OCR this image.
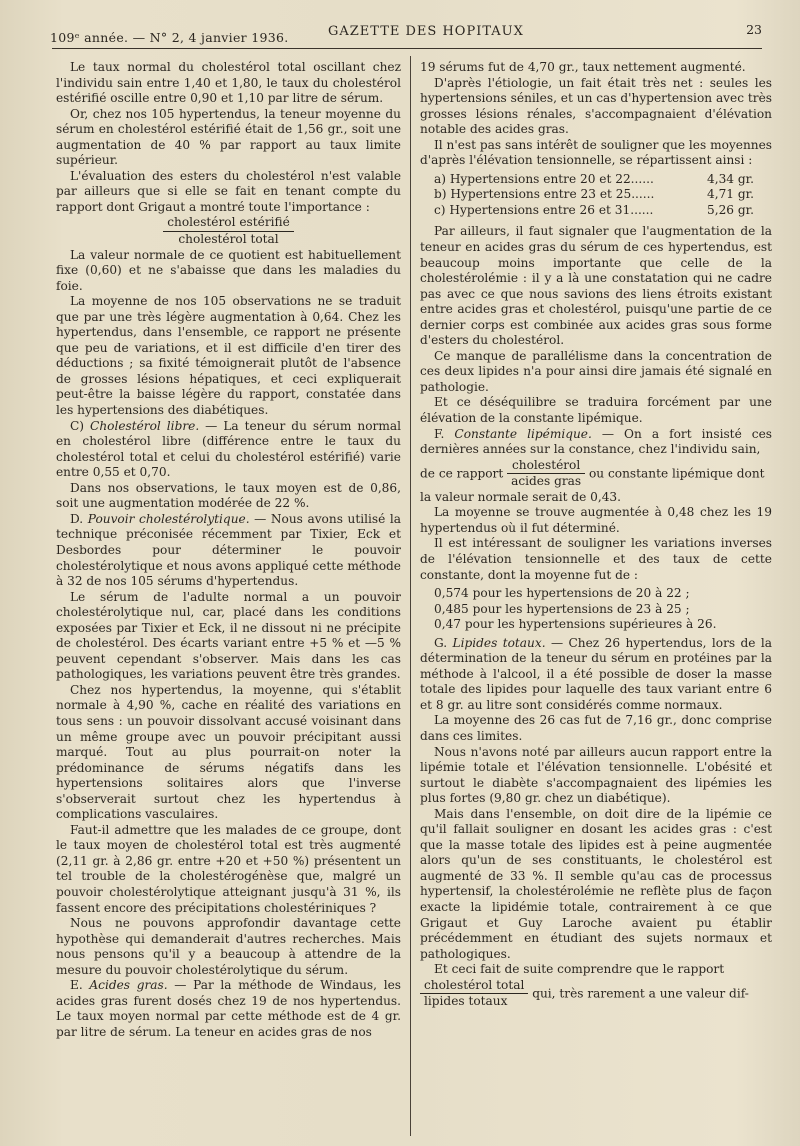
109ᵉ année. — N° 2, 4 janvier 1936.	GAZETTE DES HOPITAUX	23

Le taux normal du cholestérol total oscillant chez l'individu sain entre 1,40 et 1,80, le taux du cholestérol estérifié oscille entre 0,90 et 1,10 par litre de sérum.

Or, chez nos 105 hypertendus, la teneur moyenne du sérum en cholestérol estérifié était de 1,56 gr., soit une augmentation de 40 % par rapport au taux limite supérieur.

L'évaluation des esters du cholestérol n'est valable par ailleurs que si elle se fait en tenant compte du rapport dont Grigaut a montré toute l'importance :

$\frac{\text{cholestérol estérifié}}{\text{cholestérol total}}$

La valeur normale de ce quotient est habituellement fixe (0,60) et ne s'abaisse que dans les maladies du foie.

La moyenne de nos 105 observations ne se traduit que par une très légère augmentation à 0,64. Chez les hypertendus, dans l'ensemble, ce rapport ne présente que peu de variations, et il est difficile d'en tirer des déductions ; sa fixité témoignerait plutôt de l'absence de grosses lésions hépatiques, et ceci expliquerait peut-être la baisse légère du rapport, constatée dans les hypertensions des diabétiques.

C) Cholestérol libre. — La teneur du sérum normal en cholestérol libre (différence entre le taux du cholestérol total et celui du cholestérol estérifié) varie entre 0,55 et 0,70.

Dans nos observations, le taux moyen est de 0,86, soit une augmentation modérée de 22 %.

D. Pouvoir cholestérolytique. — Nous avons utilisé la technique préconisée récemment par Tixier, Eck et Desbordes pour déterminer le pouvoir cholestérolytique et nous avons appliqué cette méthode à 32 de nos 105 sérums d'hypertendus.

Le sérum de l'adulte normal a un pouvoir cholestérolytique nul, car, placé dans les conditions exposées par Tixier et Eck, il ne dissout ni ne précipite de cholestérol. Des écarts variant entre +5 % et —5 % peuvent cependant s'observer. Mais dans les cas pathologiques, les variations peuvent être très grandes.

Chez nos hypertendus, la moyenne, qui s'établit normale à 4,90 %, cache en réalité des variations en tous sens : un pouvoir dissolvant accusé voisinant dans un même groupe avec un pouvoir précipitant aussi marqué. Tout au plus pourrait-on noter la prédominance de sérums négatifs dans les hypertensions solitaires alors que l'inverse s'observerait surtout chez les hypertendus à complications vasculaires.

Faut-il admettre que les malades de ce groupe, dont le taux moyen de cholestérol total est très augmenté (2,11 gr. à 2,86 gr. entre +20 et +50 %) présentent un tel trouble de la cholestérogénèse que, malgré un pouvoir cholestérolytique atteignant jusqu'à 31 %, ils fassent encore des précipitations cholestériniques ?

Nous ne pouvons approfondir davantage cette hypothèse qui demanderait d'autres recherches. Mais nous pensons qu'il y a beaucoup à attendre de la mesure du pouvoir cholestérolytique du sérum.

E. Acides gras. — Par la méthode de Windaus, les acides gras furent dosés chez 19 de nos hypertendus. Le taux moyen normal par cette méthode est de 4 gr. par litre de sérum. La teneur en acides gras de nos

19 sérums fut de 4,70 gr., taux nettement augmenté.

D'après l'étiologie, un fait était très net : seules les hypertensions séniles, et un cas d'hypertension avec très grosses lésions rénales, s'accompagnaient d'élévation notable des acides gras.

Il n'est pas sans intérêt de souligner que les moyennes d'après l'élévation tensionnelle, se répartissent ainsi :

a) Hypertensions entre 20 et 22......	4,34 gr.
b) Hypertensions entre 23 et 25......	4,71 gr.
c) Hypertensions entre 26 et 31......	5,26 gr.

Par ailleurs, il faut signaler que l'augmentation de la teneur en acides gras du sérum de ces hypertendus, est beaucoup moins importante que celle de la cholestérolémie : il y a là une constatation qui ne cadre pas avec ce que nous savions des liens étroits existant entre acides gras et cholestérol, puisqu'une partie de ce dernier corps est combinée aux acides gras sous forme d'esters du cholestérol.

Ce manque de parallélisme dans la concentration de ces deux lipides n'a pour ainsi dire jamais été signalé en pathologie.

Et ce déséquilibre se traduira forcément par une élévation de la constante lipémique.

F. Constante lipémique. — On a fort insisté ces dernières années sur la constance, chez l'individu sain,

de ce rapport $\frac{\text{cholestérol}}{\text{acides gras}}$ ou constante lipémique dont

la valeur normale serait de 0,43.

La moyenne se trouve augmentée à 0,48 chez les 19 hypertendus où il fut déterminé.

Il est intéressant de souligner les variations inverses de l'élévation tensionnelle et des taux de cette constante, dont la moyenne fut de :

0,574 pour les hypertensions de 20 à 22 ;
0,485 pour les hypertensions de 23 à 25 ;
0,47 pour les hypertensions supérieures à 26.

G. Lipides totaux. — Chez 26 hypertendus, lors de la détermination de la teneur du sérum en protéines par la méthode à l'alcool, il a été possible de doser la masse totale des lipides pour laquelle des taux variant entre 6 et 8 gr. au litre sont considérés comme normaux.

La moyenne des 26 cas fut de 7,16 gr., donc comprise dans ces limites.

Nous n'avons noté par ailleurs aucun rapport entre la lipémie totale et l'élévation tensionnelle. L'obésité et surtout le diabète s'accompagnaient des lipémies les plus fortes (9,80 gr. chez un diabétique).

Mais dans l'ensemble, on doit dire de la lipémie ce qu'il fallait souligner en dosant les acides gras : c'est que la masse totale des lipides est à peine augmentée alors qu'un de ses constituants, le cholestérol est augmenté de 33 %. Il semble qu'au cas de processus hypertensif, la cholestérolémie ne reflète plus de façon exacte la lipidémie totale, contrairement à ce que Grigaut et Guy Laroche avaient pu établir précédemment en étudiant des sujets normaux et pathologiques.

Et ceci fait de suite comprendre que le rapport

$\frac{\text{cholestérol total}}{\text{lipides totaux}}$ qui, très rarement a une valeur dif-
